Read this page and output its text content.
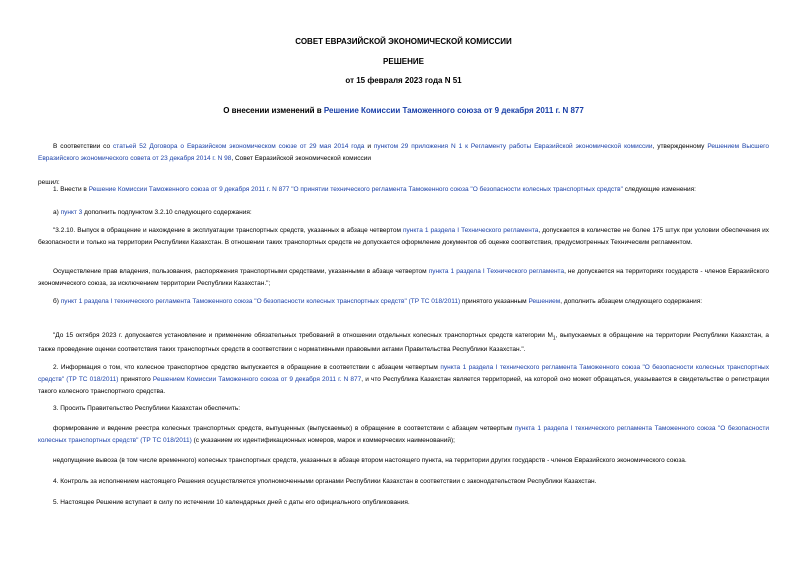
СОВЕТ ЕВРАЗИЙСКОЙ ЭКОНОМИЧЕСКОЙ КОМИССИИ
РЕШЕНИЕ
от 15 февраля 2023 года N 51
О внесении изменений в Решение Комиссии Таможенного союза от 9 декабря 2011 г. N 877
В соответствии со статьей 52 Договора о Евразийском экономическом союзе от 29 мая 2014 года и пунктом 29 приложения N 1 к Регламенту работы Евразийской экономической комиссии, утвержденному Решением Высшего Евразийского экономического совета от 23 декабря 2014 г. N 98, Совет Евразийской экономической комиссии
решил:
1. Внести в Решение Комиссии Таможенного союза от 9 декабря 2011 г. N 877 "О принятии технического регламента Таможенного союза "О безопасности колесных транспортных средств" следующие изменения:
а) пункт 3 дополнить подпунктом 3.2.10 следующего содержания:
"3.2.10. Выпуск в обращение и нахождение в эксплуатации транспортных средств, указанных в абзаце четвертом пункта 1 раздела I Технического регламента, допускается в количестве не более 175 штук при условии обеспечения их безопасности и только на территории Республики Казахстан. В отношении таких транспортных средств не допускается оформление документов об оценке соответствия, предусмотренных Техническим регламентом.
Осуществление прав владения, пользования, распоряжения транспортными средствами, указанными в абзаце четвертом пункта 1 раздела I Технического регламента, не допускается на территориях государств - членов Евразийского экономического союза, за исключением территории Республики Казахстан.";
б) пункт 1 раздела I технического регламента Таможенного союза "О безопасности колесных транспортных средств" (ТР ТС 018/2011) принятого указанным Решением, дополнить абзацем следующего содержания:
"До 15 октября 2023 г. допускается установление и применение обязательных требований в отношении отдельных колесных транспортных средств категории $M_1$, выпускаемых в обращение на территории Республики Казахстан, а также проведение оценки соответствия таких транспортных средств в соответствии с нормативными правовыми актами Правительства Республики Казахстан.".
2. Информация о том, что колесное транспортное средство выпускается в обращение в соответствии с абзацем четвертым пункта 1 раздела I технического регламента Таможенного союза "О безопасности колесных транспортных средств" (ТР ТС 018/2011) принятого Решением Комиссии Таможенного союза от 9 декабря 2011 г. N 877, и что Республика Казахстан является территорией, на которой оно может обращаться, указывается в свидетельстве о регистрации такого колесного транспортного средства.
3. Просить Правительство Республики Казахстан обеспечить:
формирование и ведение реестра колесных транспортных средств, выпущенных (выпускаемых) в обращение в соответствии с абзацем четвертым пункта 1 раздела I технического регламента Таможенного союза "О безопасности колесных транспортных средств" (ТР ТС 018/2011) (с указанием их идентификационных номеров, марок и коммерческих наименований);
недопущение вывоза (в том числе временного) колесных транспортных средств, указанных в абзаце втором настоящего пункта, на территории других государств - членов Евразийского экономического союза.
4. Контроль за исполнением настоящего Решения осуществляется уполномоченными органами Республики Казахстан в соответствии с законодательством Республики Казахстан.
5. Настоящее Решение вступает в силу по истечении 10 календарных дней с даты его официального опубликования.
